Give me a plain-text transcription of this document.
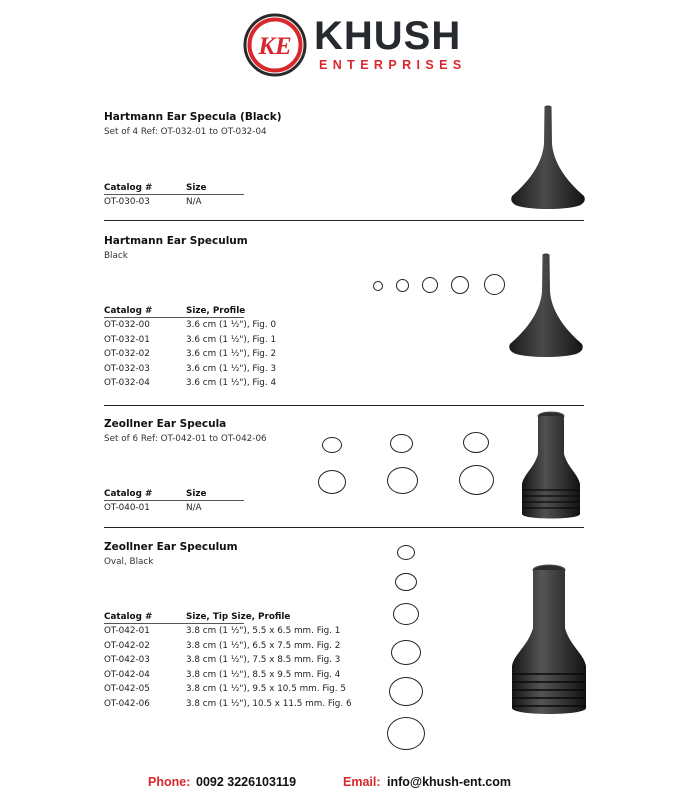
KE KHUSH
ENTERPRISES
Hartmann Ear Specula (Black)
Set of 4 Ref: OT-032-01 to OT-032-04
Catalog #	Size
OT-030-03	N/A
Hartmann Ear Speculum
Black
Catalog #	Size, Profile
OT-032-00	3.6 cm (1 ½"), Fig. 0
OT-032-01	3.6 cm (1 ½"), Fig. 1
OT-032-02	3.6 cm (1 ½"), Fig. 2
OT-032-03	3.6 cm (1 ½"), Fig. 3
OT-032-04	3.6 cm (1 ½"), Fig. 4
Zeollner Ear Specula
Set of 6 Ref: OT-042-01 to OT-042-06
Catalog #	Size
OT-040-01	N/A
Zeollner Ear Speculum
Oval, Black
Catalog #	Size, Tip Size, Profile
OT-042-01	3.8 cm (1 ½"), 5.5 x 6.5 mm. Fig. 1
OT-042-02	3.8 cm (1 ½"), 6.5 x 7.5 mm. Fig. 2
OT-042-03	3.8 cm (1 ½"), 7.5 x 8.5 mm. Fig. 3
OT-042-04	3.8 cm (1 ½"), 8.5 x 9.5 mm. Fig. 4
OT-042-05	3.8 cm (1 ½"), 9.5 x 10.5 mm. Fig. 5
OT-042-06	3.8 cm (1 ½"), 10.5 x 11.5 mm. Fig. 6
Phone: 0092 3226103119	Email: info@khush-ent.com
